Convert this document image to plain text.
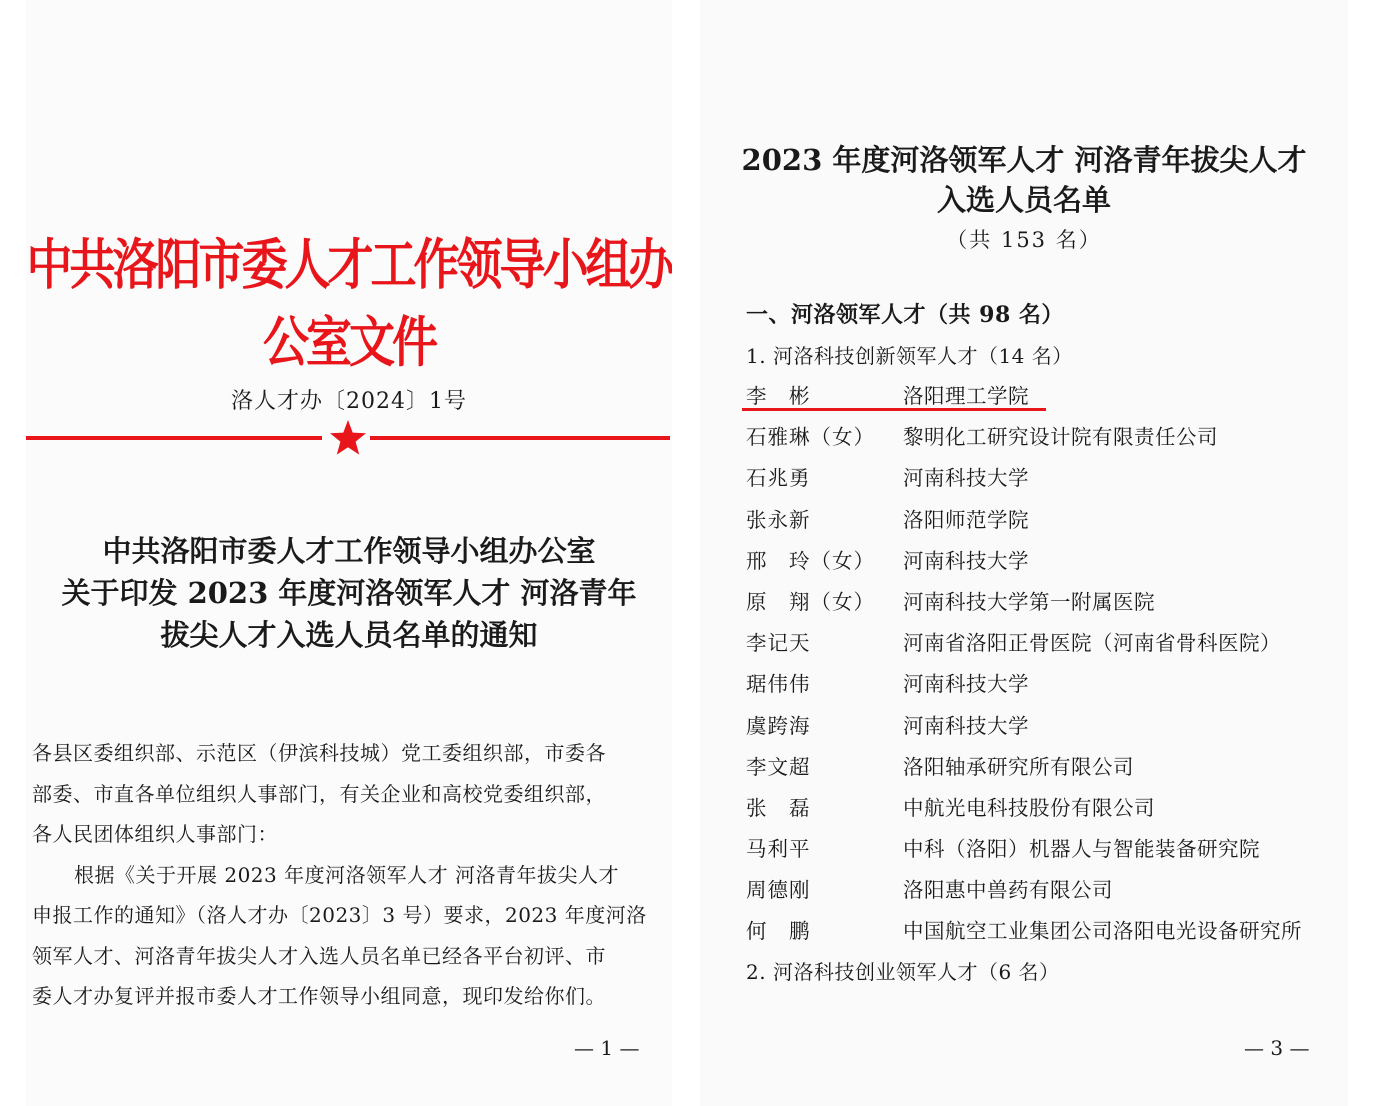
中共洛阳市委人才工作领导小组办公室文件
洛人才办〔2024〕1号
中共洛阳市委人才工作领导小组办公室
关于印发 2023 年度河洛领军人才 河洛青年
拔尖人才入选人员名单的通知
各县区委组织部、示范区（伊滨科技城）党工委组织部，市委各
部委、市直各单位组织人事部门，有关企业和高校党委组织部，
各人民团体组织人事部门：
根据《关于开展 2023 年度河洛领军人才 河洛青年拔尖人才
申报工作的通知》（洛人才办〔2023〕3 号）要求，2023 年度河洛
领军人才、河洛青年拔尖人才入选人员名单已经各平台初评、市
委人才办复评并报市委人才工作领导小组同意，现印发给你们。
— 1 —
2023 年度河洛领军人才 河洛青年拔尖人才
入选人员名单
（共 153 名）
一、河洛领军人才（共 98 名）
1. 河洛科技创新领军人才（14 名）
李　彬	洛阳理工学院
石雅琳（女） 黎明化工研究设计院有限责任公司
石兆勇	河南科技大学
张永新	洛阳师范学院
邢　玲（女） 河南科技大学
原　翔（女） 河南科技大学第一附属医院
李记天	河南省洛阳正骨医院（河南省骨科医院）
琚伟伟	河南科技大学
虞跨海	河南科技大学
李文超	洛阳轴承研究所有限公司
张　磊	中航光电科技股份有限公司
马利平	中科（洛阳）机器人与智能装备研究院
周德刚	洛阳惠中兽药有限公司
何　鹏	中国航空工业集团公司洛阳电光设备研究所
2. 河洛科技创业领军人才（6 名）
— 3 —
